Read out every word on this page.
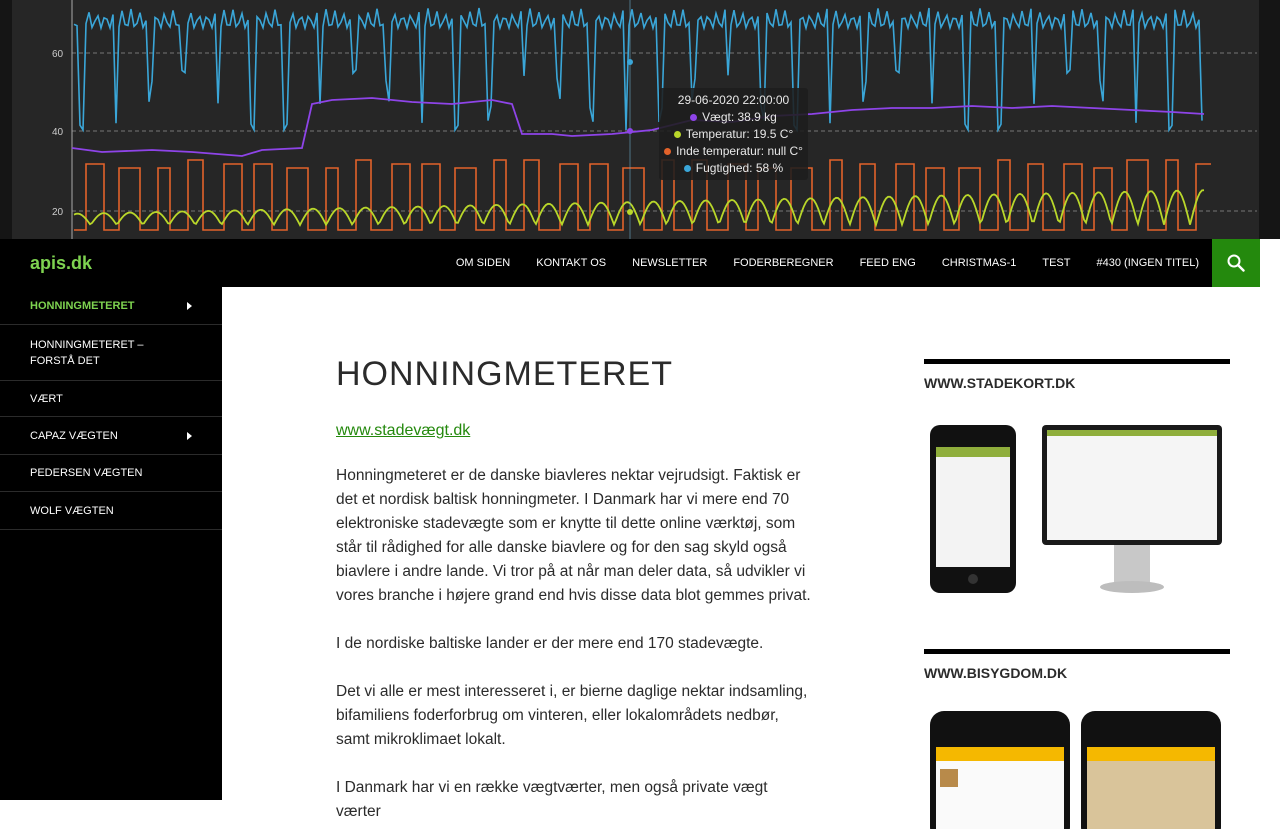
60
40
20
29-06-2020 22:00:00
Vægt: 38.9 kg
Temperatur: 19.5 C°
Inde temperatur: null C°
Fugtighed: 58 %
apis.dk	OM SIDEN KONTAKT OS NEWSLETTER FODERBEREGNER FEED ENG CHRISTMAS-1 TEST #430 (INGEN TITEL)
HONNINGMETERET
HONNINGMETERET – FORSTÅ DET
VÆRT
CAPAZ VÆGTEN
PEDERSEN VÆGTEN
WOLF VÆGTEN
HONNINGMETERET
www.stadevægt.dk

Honningmeteret er de danske biavleres nektar vejrudsigt. Faktisk er det et nordisk baltisk honningmeter. I Danmark har vi mere end 70 elektroniske stadevægte som er knytte til dette online værktøj, som står til rådighed for alle danske biavlere og for den sag skyld også biavlere i andre lande. Vi tror på at når man deler data, så udvikler vi vores branche i højere grand end hvis disse data blot gemmes privat.

I de nordiske baltiske lander er der mere end 170 stadevægte.

Det vi alle er mest interesseret i, er bierne daglige nektar indsamling, bifamiliens foderforbrug om vinteren, eller lokalområdets nedbør, samt mikroklimaet lokalt.

I Danmark har vi en række vægtværter, men også private vægt værter

WWW.STADEKORT.DK
WWW.BISYGDOM.DK
